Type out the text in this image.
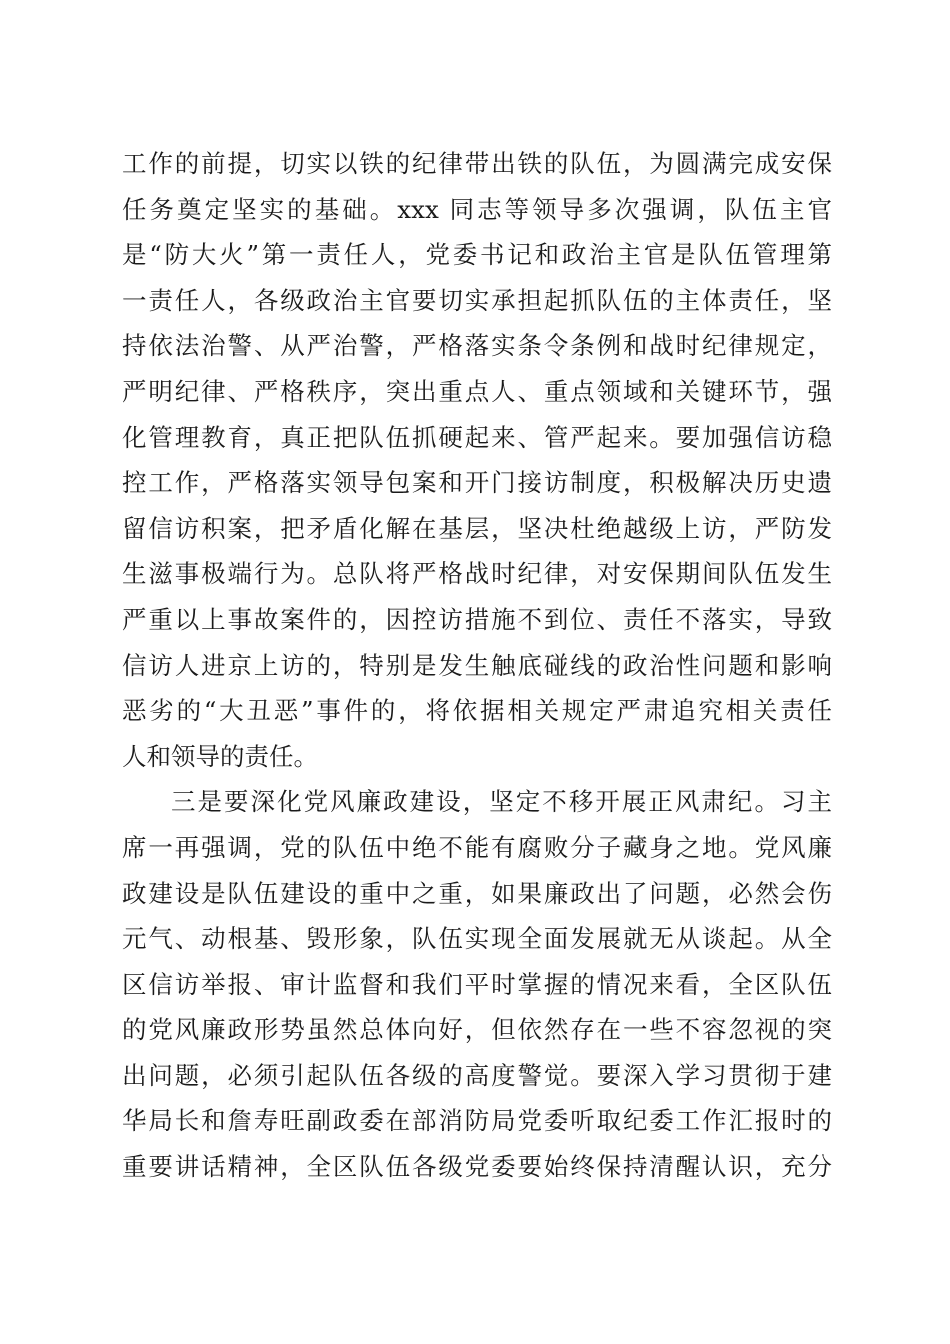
工作的前提，切实以铁的纪律带出铁的队伍，为圆满完成安保
任务奠定坚实的基础。xxx 同志等领导多次强调，队伍主官
是“防大火”第一责任人，党委书记和政治主官是队伍管理第
一责任人，各级政治主官要切实承担起抓队伍的主体责任，坚
持依法治警、从严治警，严格落实条令条例和战时纪律规定，
严明纪律、严格秩序，突出重点人、重点领域和关键环节，强
化管理教育，真正把队伍抓硬起来、管严起来。要加强信访稳
控工作，严格落实领导包案和开门接访制度，积极解决历史遗
留信访积案，把矛盾化解在基层，坚决杜绝越级上访，严防发
生滋事极端行为。总队将严格战时纪律，对安保期间队伍发生
严重以上事故案件的，因控访措施不到位、责任不落实，导致
信访人进京上访的，特别是发生触底碰线的政治性问题和影响
恶劣的“大丑恶”事件的，将依据相关规定严肃追究相关责任
人和领导的责任。
三是要深化党风廉政建设，坚定不移开展正风肃纪。习主
席一再强调，党的队伍中绝不能有腐败分子藏身之地。党风廉
政建设是队伍建设的重中之重，如果廉政出了问题，必然会伤
元气、动根基、毁形象，队伍实现全面发展就无从谈起。从全
区信访举报、审计监督和我们平时掌握的情况来看，全区队伍
的党风廉政形势虽然总体向好，但依然存在一些不容忽视的突
出问题，必须引起队伍各级的高度警觉。要深入学习贯彻于建
华局长和詹寿旺副政委在部消防局党委听取纪委工作汇报时的
重要讲话精神，全区队伍各级党委要始终保持清醒认识，充分
